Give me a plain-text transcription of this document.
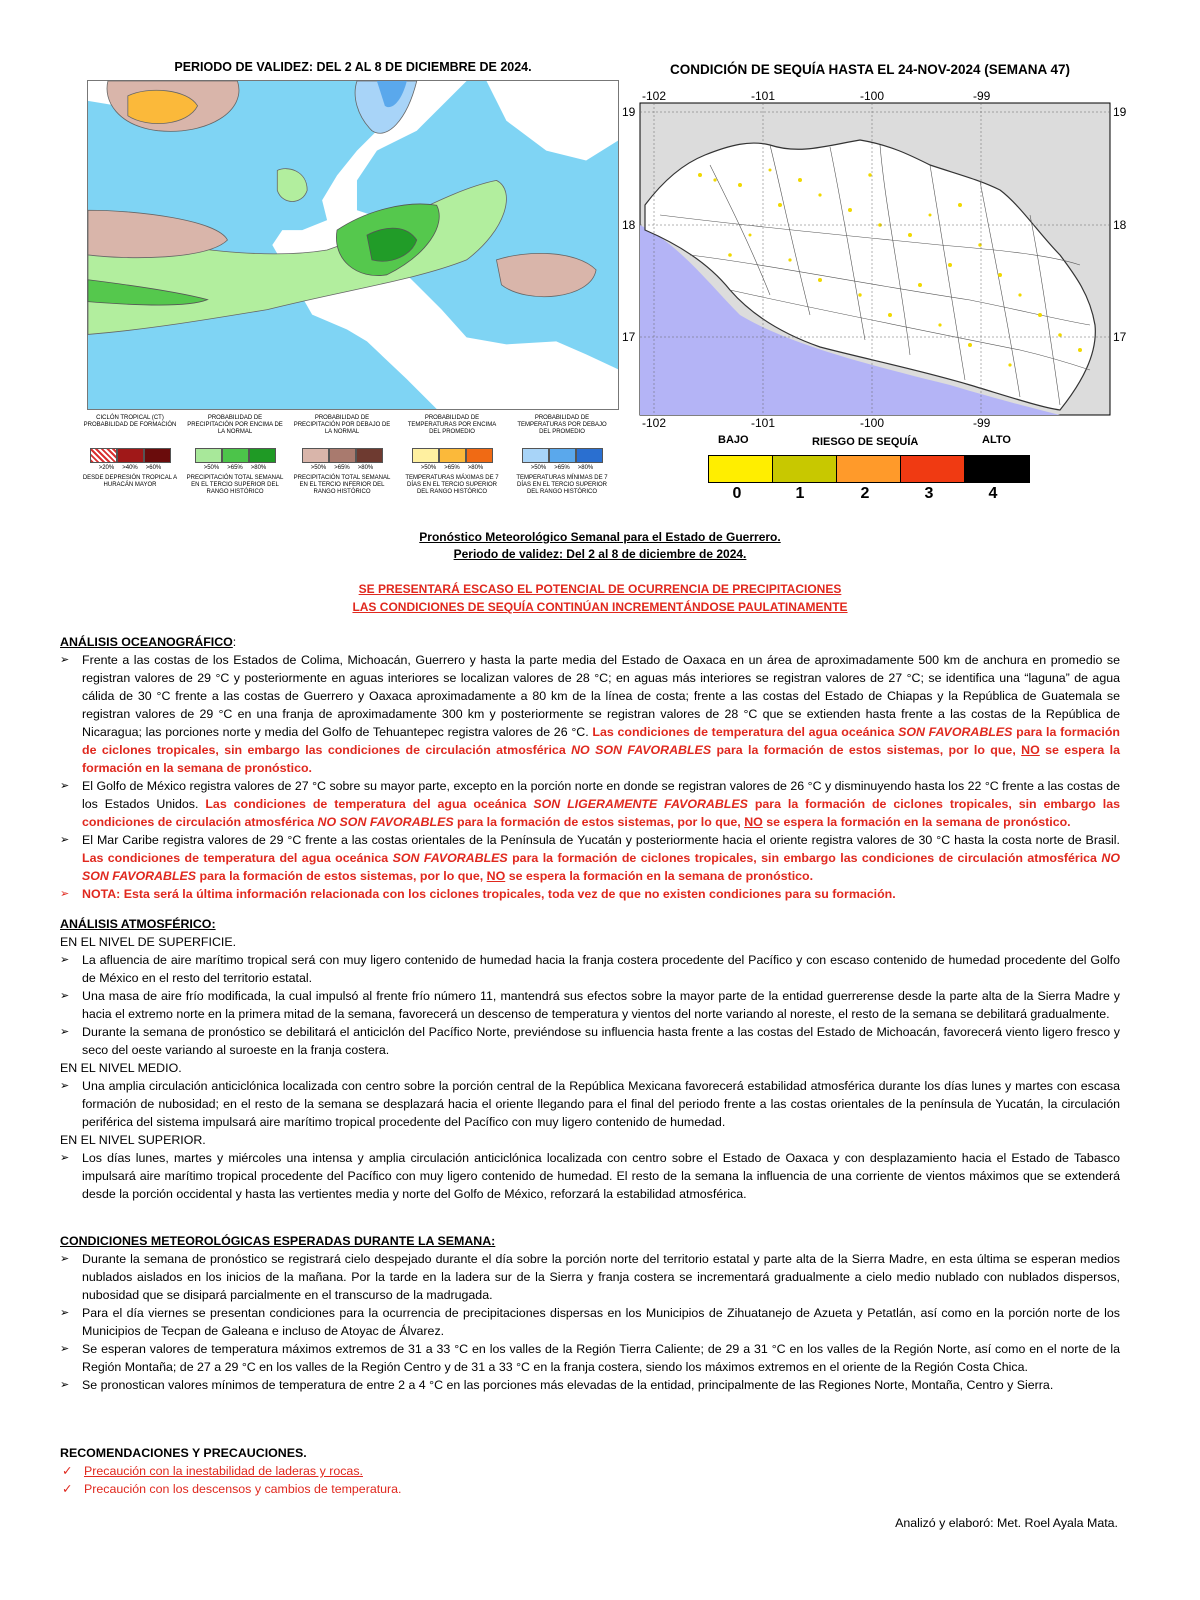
PERIODO DE VALIDEZ: DEL 2 AL 8 DE DICIEMBRE DE 2024.
CICLÓN TROPICAL (CT) PROBABILIDAD DE FORMACIÓN
>20% >40% >60%
DESDE DEPRESIÓN TROPICAL A HURACÁN MAYOR
PROBABILIDAD DE PRECIPITACIÓN POR ENCIMA DE LA NORMAL
>50% >65% >80%
PRECIPITACIÓN TOTAL SEMANAL EN EL TERCIO SUPERIOR DEL RANGO HISTÓRICO
PROBABILIDAD DE PRECIPITACIÓN POR DEBAJO DE LA NORMAL
>50% >65% >80%
PRECIPITACIÓN TOTAL SEMANAL EN EL TERCIO INFERIOR DEL RANGO HISTÓRICO
PROBABILIDAD DE TEMPERATURAS POR ENCIMA DEL PROMEDIO
>50% >65% >80%
TEMPERATURAS MÁXIMAS DE 7 DÍAS EN EL TERCIO SUPERIOR DEL RANGO HISTÓRICO
PROBABILIDAD DE TEMPERATURAS POR DEBAJO DEL PROMEDIO
>50% >65% >80%
TEMPERATURAS MÍNIMAS DE 7 DÍAS EN EL TERCIO SUPERIOR DEL RANGO HISTÓRICO
CONDICIÓN DE SEQUÍA HASTA EL 24-NOV-2024 (SEMANA 47)
-102	-101	-100	-99
-102	-101	-100	-99
19
18
17
19
18
17
BAJO	RIESGO DE SEQUÍA	ALTO
0	1	2	3	4
Pronóstico Meteorológico Semanal para el Estado de Guerrero.
Periodo de validez: Del 2 al 8 de diciembre de 2024.
SE PRESENTARÁ ESCASO EL POTENCIAL DE OCURRENCIA DE PRECIPITACIONES
LAS CONDICIONES DE SEQUÍA CONTINÚAN INCREMENTÁNDOSE PAULATINAMENTE
ANÁLISIS OCEANOGRÁFICO:
➢ Frente a las costas de los Estados de Colima, Michoacán, Guerrero y hasta la parte media del Estado de Oaxaca en un área de aproximadamente 500 km de anchura en promedio se registran valores de 29 °C y posteriormente en aguas interiores se localizan valores de 28 °C; en aguas más interiores se registran valores de 27 °C; se identifica una “laguna” de agua cálida de 30 °C frente a las costas de Guerrero y Oaxaca aproximadamente a 80 km de la línea de costa; frente a las costas del Estado de Chiapas y la República de Guatemala se registran valores de 29 °C en una franja de aproximadamente 300 km y posteriormente se registran valores de 28 °C que se extienden hasta frente a las costas de la República de Nicaragua; las porciones norte y media del Golfo de Tehuantepec registra valores de 26 °C. Las condiciones de temperatura del agua oceánica SON FAVORABLES para la formación de ciclones tropicales, sin embargo las condiciones de circulación atmosférica NO SON FAVORABLES para la formación de estos sistemas, por lo que, NO se espera la formación en la semana de pronóstico.
➢ El Golfo de México registra valores de 27 °C sobre su mayor parte, excepto en la porción norte en donde se registran valores de 26 °C y disminuyendo hasta los 22 °C frente a las costas de los Estados Unidos. Las condiciones de temperatura del agua oceánica SON LIGERAMENTE FAVORABLES para la formación de ciclones tropicales, sin embargo las condiciones de circulación atmosférica NO SON FAVORABLES para la formación de estos sistemas, por lo que, NO se espera la formación en la semana de pronóstico.
➢ El Mar Caribe registra valores de 29 °C frente a las costas orientales de la Península de Yucatán y posteriormente hacia el oriente registra valores de 30 °C hasta la costa norte de Brasil. Las condiciones de temperatura del agua oceánica SON FAVORABLES para la formación de ciclones tropicales, sin embargo las condiciones de circulación atmosférica NO SON FAVORABLES para la formación de estos sistemas, por lo que, NO se espera la formación en la semana de pronóstico.
➢ NOTA: Esta será la última información relacionada con los ciclones tropicales, toda vez de que no existen condiciones para su formación.
ANÁLISIS ATMOSFÉRICO:
EN EL NIVEL DE SUPERFICIE.
➢ La afluencia de aire marítimo tropical será con muy ligero contenido de humedad hacia la franja costera procedente del Pacífico y con escaso contenido de humedad procedente del Golfo de México en el resto del territorio estatal.
➢ Una masa de aire frío modificada, la cual impulsó al frente frío número 11, mantendrá sus efectos sobre la mayor parte de la entidad guerrerense desde la parte alta de la Sierra Madre y hacia el extremo norte en la primera mitad de la semana, favorecerá un descenso de temperatura y vientos del norte variando al noreste, el resto de la semana se debilitará gradualmente.
➢ Durante la semana de pronóstico se debilitará el anticiclón del Pacífico Norte, previéndose su influencia hasta frente a las costas del Estado de Michoacán, favorecerá viento ligero fresco y seco del oeste variando al suroeste en la franja costera.
EN EL NIVEL MEDIO.
➢ Una amplia circulación anticiclónica localizada con centro sobre la porción central de la República Mexicana favorecerá estabilidad atmosférica durante los días lunes y martes con escasa formación de nubosidad; en el resto de la semana se desplazará hacia el oriente llegando para el final del periodo frente a las costas orientales de la península de Yucatán, la circulación periférica del sistema impulsará aire marítimo tropical procedente del Pacífico con muy ligero contenido de humedad.
EN EL NIVEL SUPERIOR.
➢ Los días lunes, martes y miércoles una intensa y amplia circulación anticiclónica localizada con centro sobre el Estado de Oaxaca y con desplazamiento hacia el Estado de Tabasco impulsará aire marítimo tropical procedente del Pacífico con muy ligero contenido de humedad. El resto de la semana la influencia de una corriente de vientos máximos que se extenderá desde la porción occidental y hasta las vertientes media y norte del Golfo de México, reforzará la estabilidad atmosférica.
CONDICIONES METEOROLÓGICAS ESPERADAS DURANTE LA SEMANA:
➢ Durante la semana de pronóstico se registrará cielo despejado durante el día sobre la porción norte del territorio estatal y parte alta de la Sierra Madre, en esta última se esperan medios nublados aislados en los inicios de la mañana. Por la tarde en la ladera sur de la Sierra y franja costera se incrementará gradualmente a cielo medio nublado con nublados dispersos, nubosidad que se disipará parcialmente en el transcurso de la madrugada.
➢ Para el día viernes se presentan condiciones para la ocurrencia de precipitaciones dispersas en los Municipios de Zihuatanejo de Azueta y Petatlán, así como en la porción norte de los Municipios de Tecpan de Galeana e incluso de Atoyac de Álvarez.
➢ Se esperan valores de temperatura máximos extremos de 31 a 33 °C en los valles de la Región Tierra Caliente; de 29 a 31 °C en los valles de la Región Norte, así como en el norte de la Región Montaña; de 27 a 29 °C en los valles de la Región Centro y de 31 a 33 °C en la franja costera, siendo los máximos extremos en el oriente de la Región Costa Chica.
➢ Se pronostican valores mínimos de temperatura de entre 2 a 4 °C en las porciones más elevadas de la entidad, principalmente de las Regiones Norte, Montaña, Centro y Sierra.
RECOMENDACIONES Y PRECAUCIONES.
✓ Precaución con la inestabilidad de laderas y rocas.
✓ Precaución con los descensos y cambios de temperatura.
Analizó y elaboró: Met. Roel Ayala Mata.
